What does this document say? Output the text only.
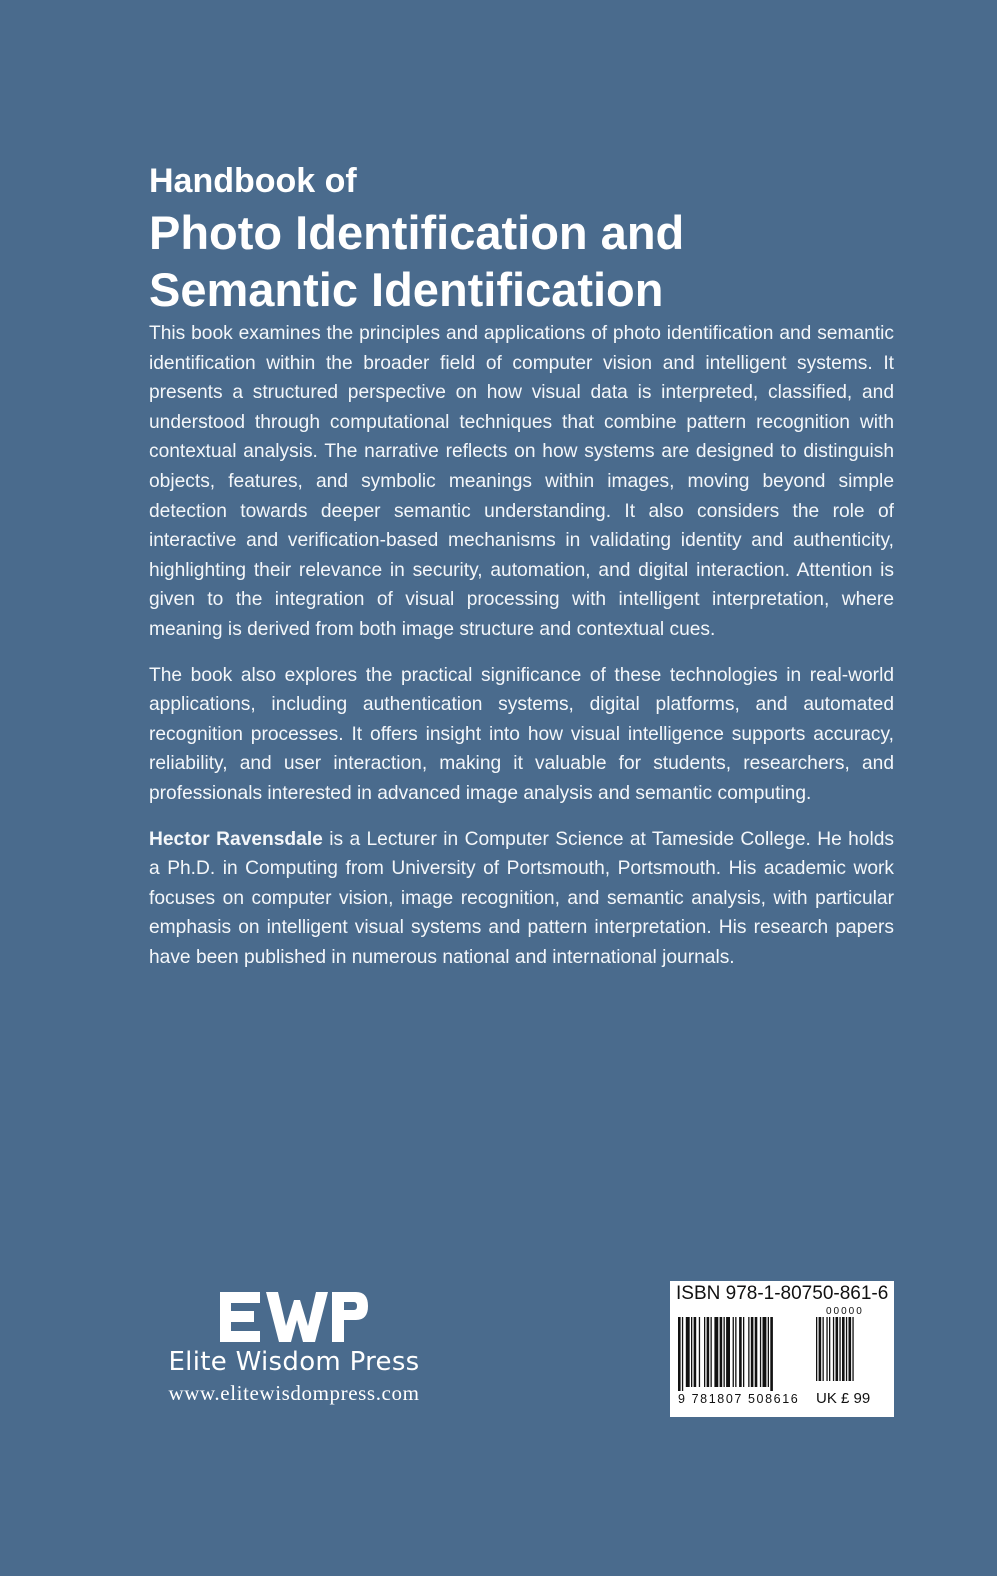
Handbook of
Photo Identification and
Semantic Identification

This book examines the principles and applications of photo identification and semantic identification within the broader field of computer vision and intelligent systems. It presents a structured perspective on how visual data is interpreted, classified, and understood through computational techniques that combine pattern recognition with contextual analysis. The narrative reflects on how systems are designed to distinguish objects, features, and symbolic meanings within images, moving beyond simple detection towards deeper semantic understanding. It also considers the role of interactive and verification-based mechanisms in validating identity and authenticity, highlighting their relevance in security, automation, and digital interaction. Attention is given to the integration of visual processing with intelligent interpretation, where meaning is derived from both image structure and contextual cues.

The book also explores the practical significance of these technologies in real-world applications, including authentication systems, digital platforms, and automated recognition processes. It offers insight into how visual intelligence supports accuracy, reliability, and user interaction, making it valuable for students, researchers, and professionals interested in advanced image analysis and semantic computing.

Hector Ravensdale is a Lecturer in Computer Science at Tameside College. He holds a Ph.D. in Computing from University of Portsmouth, Portsmouth. His academic work focuses on computer vision, image recognition, and semantic analysis, with particular emphasis on intelligent visual systems and pattern interpretation. His research papers have been published in numerous national and international journals.

Elite Wisdom Press
www.elitewisdompress.com
ISBN 978-1-80750-861-6
00000
9 781807 508616 UK £ 99
